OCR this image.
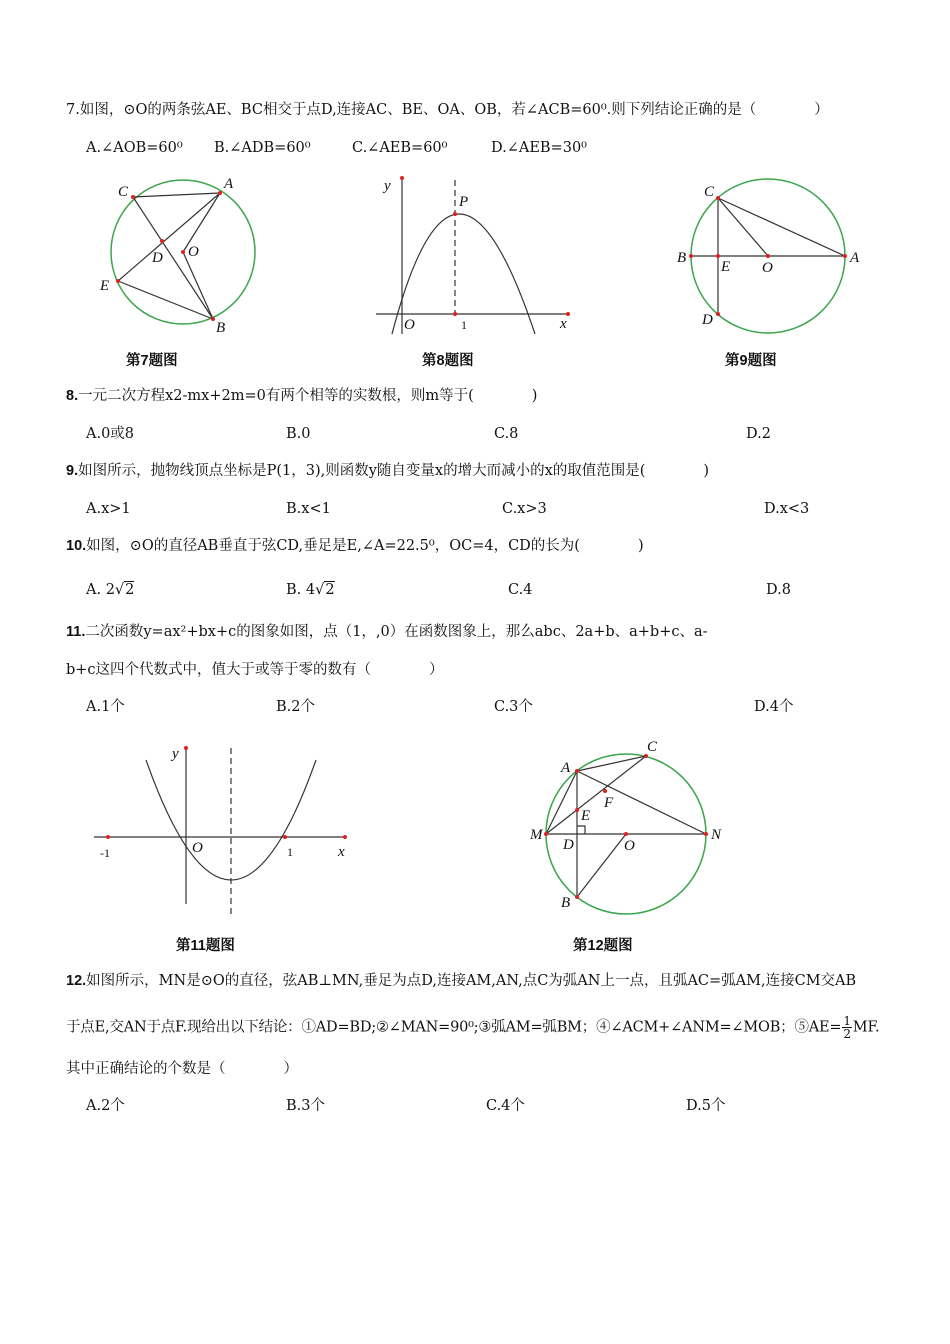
7.如图，⊙O的两条弦AE、BC相交于点D,连接AC、BE、OA、OB，若∠ACB=60⁰.则下列结论正确的是（　　　　）
A.∠AOB=60⁰ B.∠ADB=60⁰	C.∠AEB=60⁰	D.∠AEB=30⁰
C	A
D O
E
B
y
P
O	1	x
C
B
E O
A
D
第7题图	第8题图	第9题图
8.一元二次方程x2-mx+2m=0有两个相等的实数根，则m等于(　　　　)
A.0或8	B.0	C.8	D.2
9.如图所示，抛物线顶点坐标是P(1，3),则函数y随自变量x的增大而减小的x的取值范围是(　　　　)
A.x>1	B.x<1	C.x>3	D.x<3
10.如图，⊙O的直径AB垂直于弦CD,垂足是E,∠A=22.5⁰，OC=4，CD的长为(　　　　)
A. 2√2	B. 4√2	C.4	D.8
11.二次函数y=ax²+bx+c的图象如图，点（1，,0）在函数图象上，那么abc、2a+b、a+b+c、a-
b+c这四个代数式中，值大于或等于零的数有（　　　　）
A.1个	B.2个	C.3个	D.4个
y
-1	O	1	x
A
C
F
E
M	N
D	O
B
第11题图	第12题图
12.如图所示，MN是⊙O的直径，弦AB⊥MN,垂足为点D,连接AM,AN,点C为弧AN上一点，且弧AC=弧AM,连接CM交AB
于点E,交AN于点F.现给出以下结论：①AD=BD;②∠MAN=90⁰;③弧AM=弧BM；④∠ACM+∠ANM=∠MOB；⑤AE= $\frac{1}{2}$ MF.
其中正确结论的个数是（　　　　）
A.2个	B.3个	C.4个	D.5个
